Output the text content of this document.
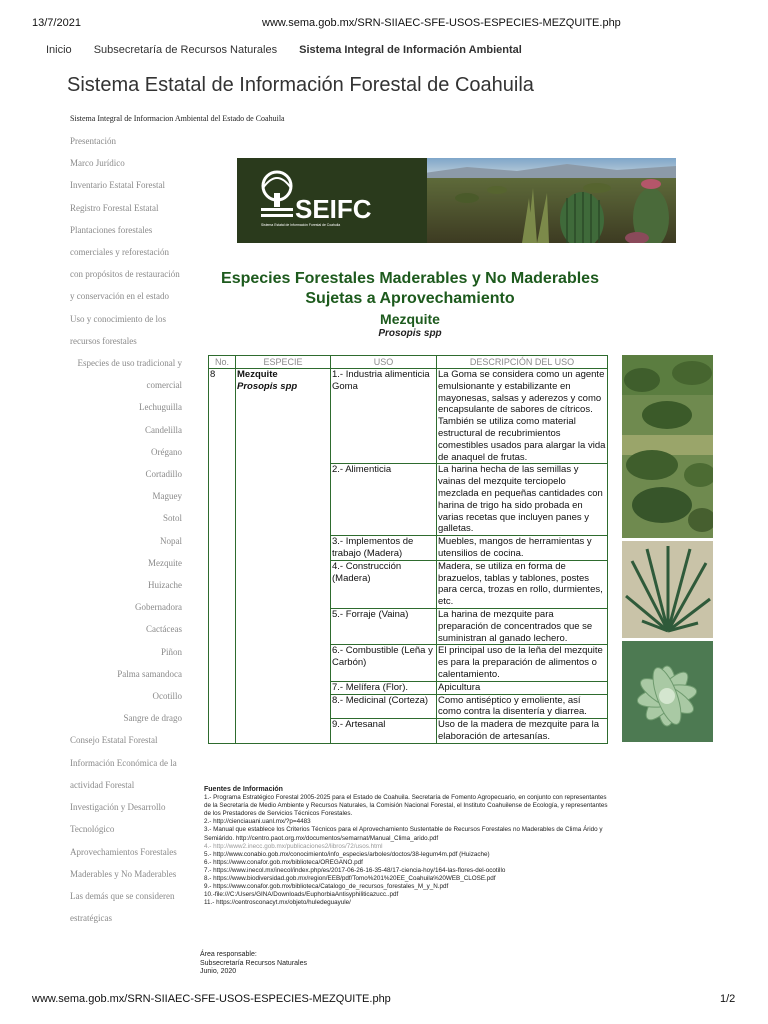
13/7/2021	www.sema.gob.mx/SRN-SIIAEC-SFE-USOS-ESPECIES-MEZQUITE.php
Inicio Subsecretaría de Recursos Naturales Sistema Integral de Información Ambiental
Sistema Estatal de Información Forestal de Coahuila
Sistema Integral de Informacion Ambiental del Estado de Coahuila
Presentación
Marco Jurídico
Inventario Estatal Forestal
Registro Forestal Estatal
Plantaciones forestales
comerciales y reforestación
con propósitos de restauración
y conservación en el estado
Uso y conocimiento de los
recursos forestales
Especies de uso tradicional y
comercial
Lechuguilla
Candelilla
Orégano
Cortadillo
Maguey
Sotol
Nopal
Mezquite
Huizache
Gobernadora
Cactáceas
Piñon
Palma samandoca
Ocotillo
Sangre de drago
Consejo Estatal Forestal
Información Económica de la
actividad Forestal
Investigación y Desarrollo
Tecnológico
Aprovechamientos Forestales
Maderables y No Maderables
Las demás que se consideren
estratégicas
SEIFC
Sistema Estatal de Información Forestal de Coahuila
Especies Forestales Maderables y No Maderables
Sujetas a Aprovechamiento
Mezquite
Prosopis spp
No.	ESPECIE	USO	DESCRIPCIÓN DEL USO
8	Mezquite
Prosopis spp	1.- Industria alimenticia Goma	La Goma se considera como un agente emulsionante y estabilizante en mayonesas, salsas y aderezos y como encapsulante de sabores de cítricos. También se utiliza como material estructural de recubrimientos comestibles usados para alargar la vida de anaquel de frutas.
		2.- Alimenticia	La harina hecha de las semillas y vainas del mezquite terciopelo mezclada en pequeñas cantidades con harina de trigo ha sido probada en varias recetas que incluyen panes y galletas.
		3.- Implementos de trabajo (Madera)	Muebles, mangos de herramientas y utensilios de cocina.
		4.- Construcción (Madera)	Madera, se utiliza en forma de brazuelos, tablas y tablones, postes para cerca, trozas en rollo, durmientes, etc.
		5.- Forraje (Vaina)	La harina de mezquite para preparación de concentrados que se suministran al ganado lechero.
		6.- Combustible (Leña y Carbón)	El principal uso de la leña del mezquite es para la preparación de alimentos o calentamiento.
		7.- Melífera (Flor).	Apicultura
		8.- Medicinal (Corteza)	Como antiséptico y emoliente, así como contra la disentería y diarrea.
		9.- Artesanal	Uso de la madera de mezquite para la elaboración de artesanías.
Fuentes de Información
1.- Programa Estratégico Forestal 2005-2025 para el Estado de Coahuila. Secretaría de Fomento Agropecuario, en conjunto con representantes de la Secretaría de Medio Ambiente y Recursos Naturales, la Comisión Nacional Forestal, el Instituto Coahuilense de Ecología, y representantes de los Prestadores de Servicios Técnicos Forestales.
2.- http://cienciauani.uanl.mx/?p=4483
3.- Manual que establece los Criterios Técnicos para el Aprovechamiento Sustentable de Recursos Forestales no Maderables de Clima Árido y Semiárido. http://centro.paot.org.mx/documentos/semarnat/Manual_Clima_arido.pdf
4.- http://www2.inecc.gob.mx/publicaciones2/libros/72/usos.html
5.- http://www.conabio.gob.mx/conocimiento/info_especies/arboles/doctos/38-legum4m.pdf (Huizache)
6.- https://www.conafor.gob.mx/biblioteca/OREGANO.pdf
7.- https://www.inecol.mx/inecol/index.php/es/2017-06-26-16-35-48/17-ciencia-hoy/164-las-flores-del-ocotillo
8.- https://www.biodiversidad.gob.mx/region/EEB/pdf/Tomo%201%20EE_Coahuila%20WEB_CLOSE.pdf
9.- https://www.conafor.gob.mx/biblioteca/Catalogo_de_recursos_forestales_M_y_N.pdf
10.-file:///C:/Users/GINA/Downloads/EuphorbiaAntisyphiliticazucc..pdf
11.- https://centrosconacyt.mx/objeto/huledeguayule/
Área responsable:
Subsecretaría Recursos Naturales
Junio, 2020
www.sema.gob.mx/SRN-SIIAEC-SFE-USOS-ESPECIES-MEZQUITE.php	1/2
